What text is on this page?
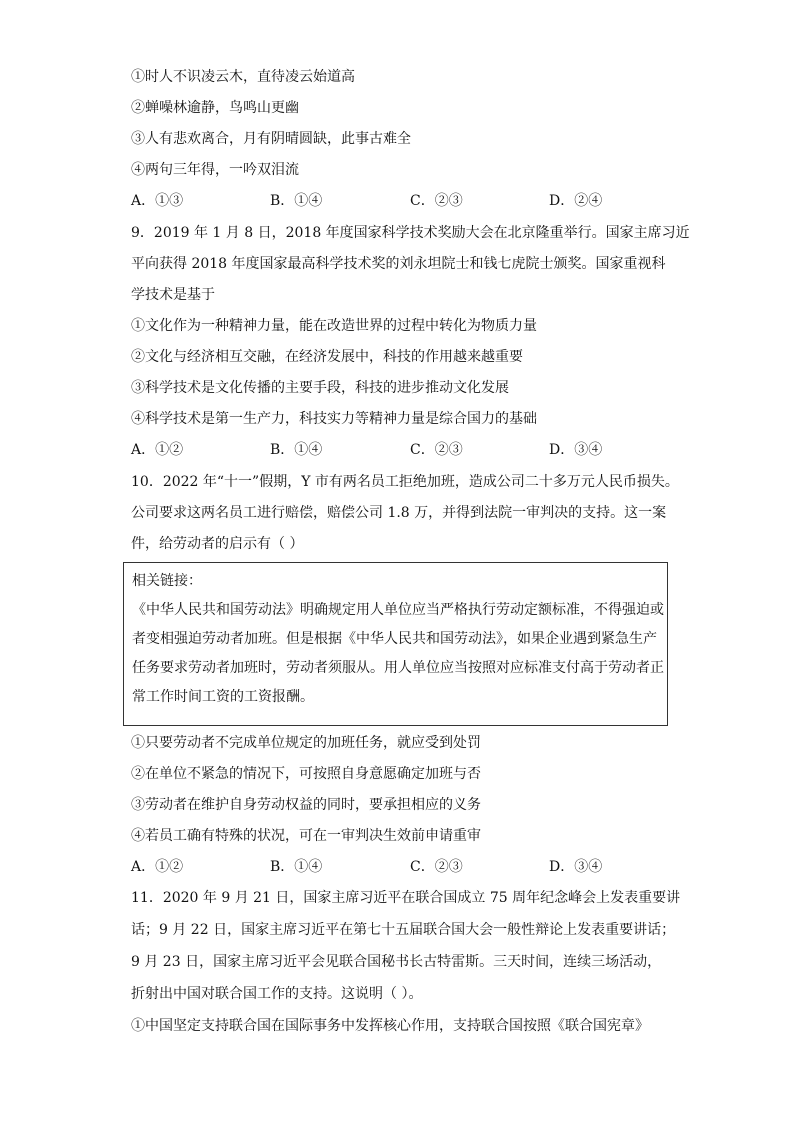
①时人不识凌云木，直待凌云始道高
②蝉噪林逾静，鸟鸣山更幽
③人有悲欢离合，月有阴晴圆缺，此事古难全
④两句三年得，一吟双泪流
A．①③	B．①④	C．②③	D．②④
9．2019 年 1 月 8 日，2018 年度国家科学技术奖励大会在北京隆重举行。国家主席习近
平向获得 2018 年度国家最高科学技术奖的刘永坦院士和钱七虎院士颁奖。国家重视科
学技术是基于
①文化作为一种精神力量，能在改造世界的过程中转化为物质力量
②文化与经济相互交融，在经济发展中，科技的作用越来越重要
③科学技术是文化传播的主要手段，科技的进步推动文化发展
④科学技术是第一生产力，科技实力等精神力量是综合国力的基础
A．①②	B．①④	C．②③	D．③④
10．2022 年“十一”假期，Y 市有两名员工拒绝加班，造成公司二十多万元人民币损失。
公司要求这两名员工进行赔偿，赔偿公司 1.8 万，并得到法院一审判决的支持。这一案
件，给劳动者的启示有（ ）
相关链接：
《中华人民共和国劳动法》明确规定用人单位应当严格执行劳动定额标准，不得强迫或
者变相强迫劳动者加班。但是根据《中华人民共和国劳动法》，如果企业遇到紧急生产
任务要求劳动者加班时，劳动者须服从。用人单位应当按照对应标准支付高于劳动者正
常工作时间工资的工资报酬。
①只要劳动者不完成单位规定的加班任务，就应受到处罚
②在单位不紧急的情况下，可按照自身意愿确定加班与否
③劳动者在维护自身劳动权益的同时，要承担相应的义务
④若员工确有特殊的状况，可在一审判决生效前申请重审
A．①②	B．①④	C．②③	D．③④
11．2020 年 9 月 21 日，国家主席习近平在联合国成立 75 周年纪念峰会上发表重要讲
话；9 月 22 日，国家主席习近平在第七十五届联合国大会一般性辩论上发表重要讲话；
9 月 23 日，国家主席习近平会见联合国秘书长古特雷斯。三天时间，连续三场活动，
折射出中国对联合国工作的支持。这说明（ ）。
①中国坚定支持联合国在国际事务中发挥核心作用，支持联合国按照《联合国宪章》
